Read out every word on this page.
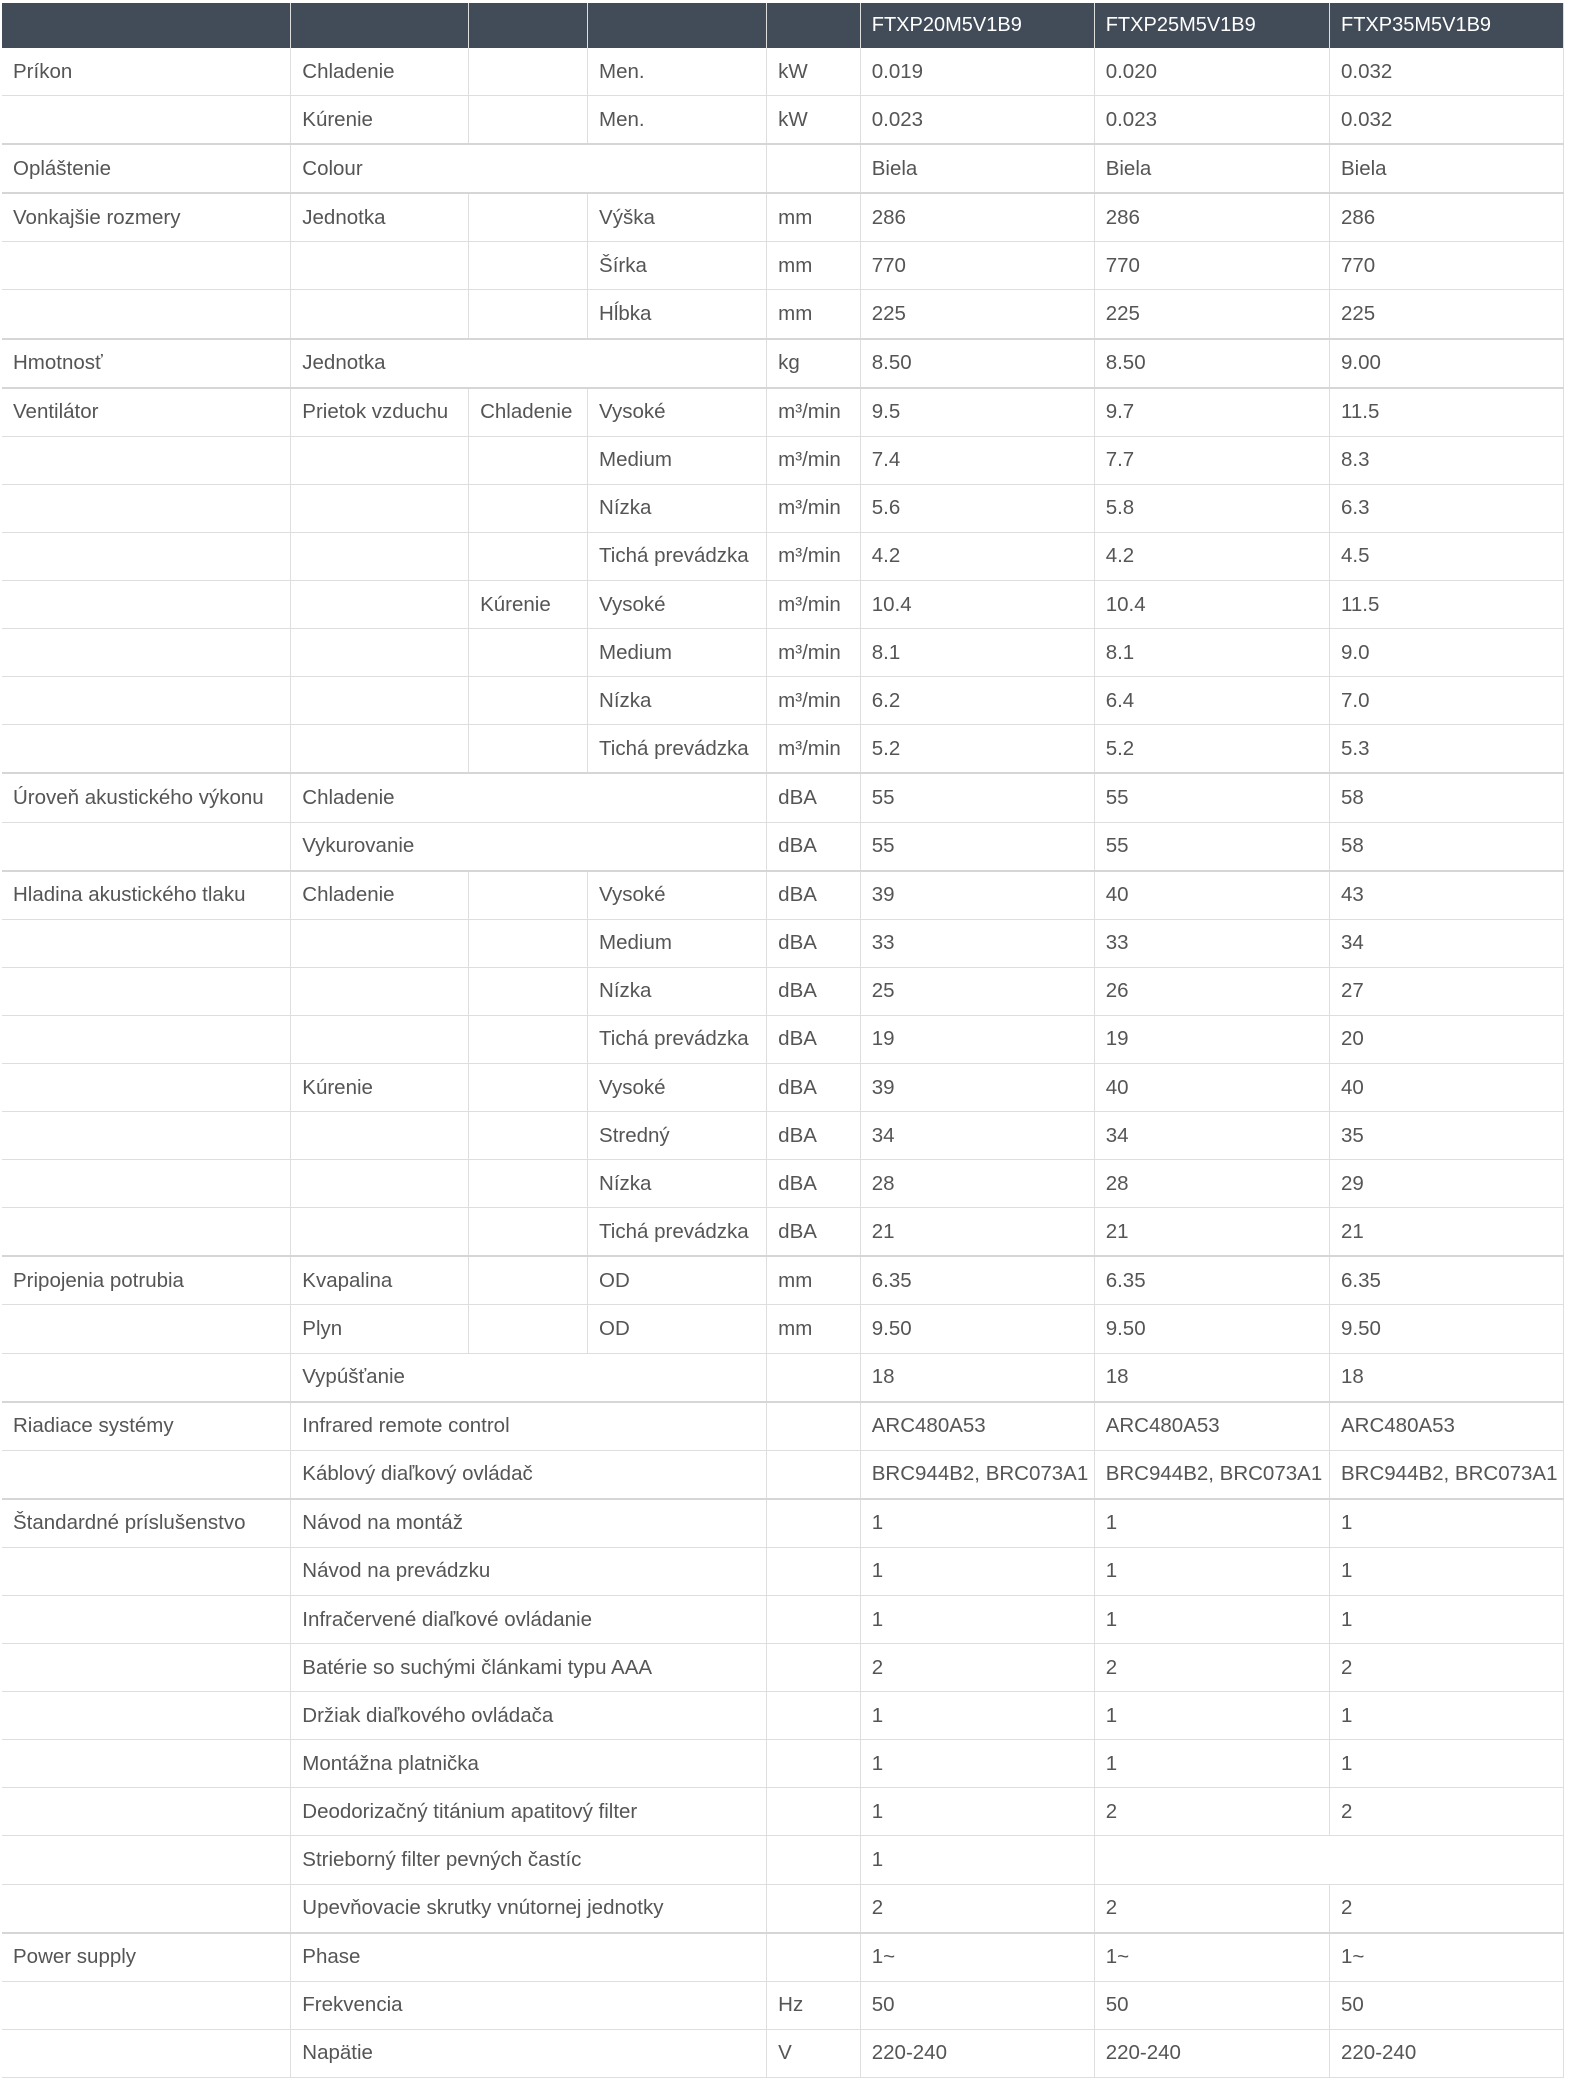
					FTXP20M5V1B9	FTXP25M5V1B9	FTXP35M5V1B9
Príkon	Chladenie		Men.	kW	0.019	0.020	0.032
	Kúrenie		Men.	kW	0.023	0.023	0.032
Opláštenie	Colour				Biela	Biela	Biela
Vonkajšie rozmery	Jednotka		Výška	mm	286	286	286
			Šírka	mm	770	770	770
			Hĺbka	mm	225	225	225
Hmotnosť	Jednotka			kg	8.50	8.50	9.00
Ventilátor	Prietok vzduchu	Chladenie	Vysoké	m³/min	9.5	9.7	11.5
			Medium	m³/min	7.4	7.7	8.3
			Nízka	m³/min	5.6	5.8	6.3
			Tichá prevádzka	m³/min	4.2	4.2	4.5
		Kúrenie	Vysoké	m³/min	10.4	10.4	11.5
			Medium	m³/min	8.1	8.1	9.0
			Nízka	m³/min	6.2	6.4	7.0
			Tichá prevádzka	m³/min	5.2	5.2	5.3
Úroveň akustického výkonu	Chladenie			dBA	55	55	58
	Vykurovanie			dBA	55	55	58
Hladina akustického tlaku	Chladenie		Vysoké	dBA	39	40	43
			Medium	dBA	33	33	34
			Nízka	dBA	25	26	27
			Tichá prevádzka	dBA	19	19	20
	Kúrenie		Vysoké	dBA	39	40	40
			Stredný	dBA	34	34	35
			Nízka	dBA	28	28	29
			Tichá prevádzka	dBA	21	21	21
Pripojenia potrubia	Kvapalina		OD	mm	6.35	6.35	6.35
	Plyn		OD	mm	9.50	9.50	9.50
	Vypúšťanie				18	18	18
Riadiace systémy	Infrared remote control				ARC480A53	ARC480A53	ARC480A53
	Káblový diaľkový ovládač				BRC944B2, BRC073A1	BRC944B2, BRC073A1	BRC944B2, BRC073A1
Štandardné príslušenstvo	Návod na montáž				1	1	1
	Návod na prevádzku				1	1	1
	Infračervené diaľkové ovládanie				1	1	1
	Batérie so suchými článkami typu AAA				2	2	2
	Držiak diaľkového ovládača				1	1	1
	Montážna platnička				1	1	1
	Deodorizačný titánium apatitový filter				1	2	2
	Strieborný filter pevných častíc				1		
	Upevňovacie skrutky vnútornej jednotky				2	2	2
Power supply	Phase				1~	1~	1~
	Frekvencia			Hz	50	50	50
	Napätie			V	220-240	220-240	220-240
